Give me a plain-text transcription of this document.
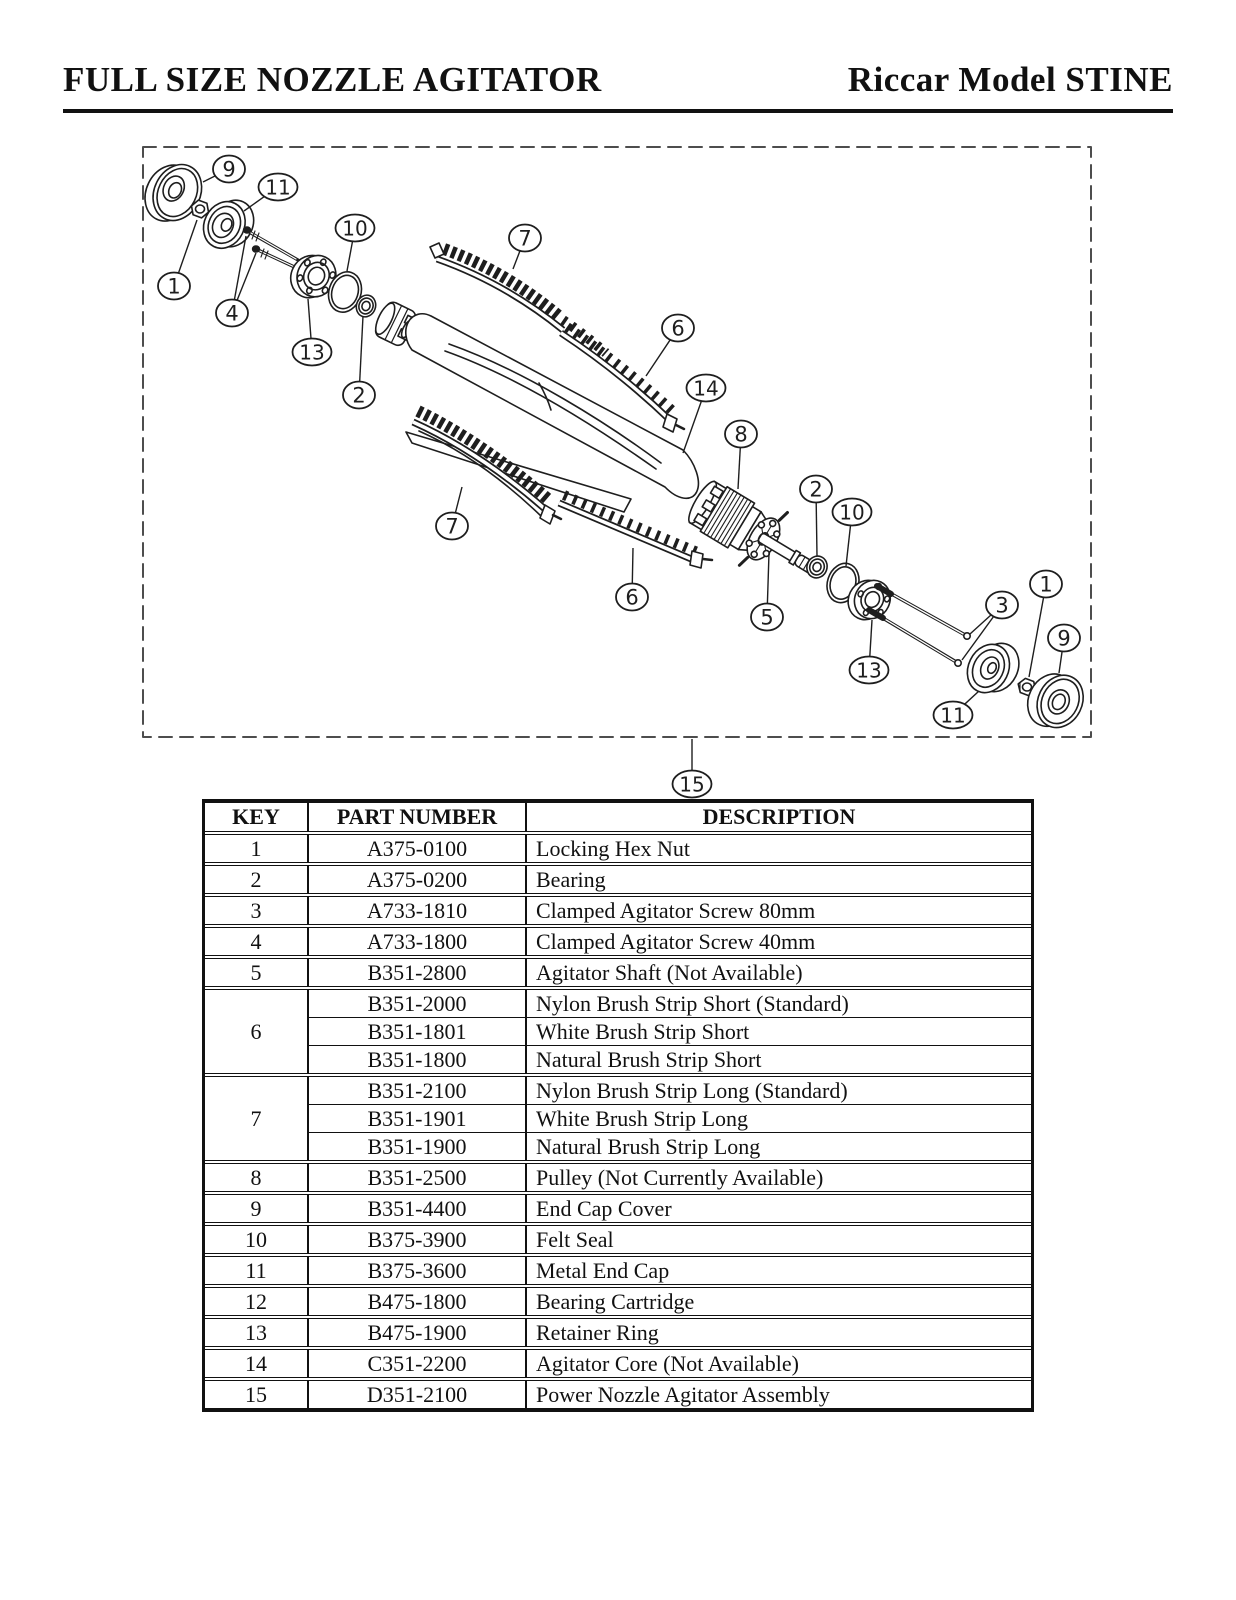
FULL SIZE NOZZLE AGITATOR	Riccar Model STINE
9
11
10	7
1
4
13
2
6
14
8
2
10
7
6
5
13
3
1
9
11
15
KEY	PART NUMBER	DESCRIPTION
1	A375-0100	Locking Hex Nut
2	A375-0200	Bearing
3	A733-1810	Clamped Agitator Screw 80mm
4	A733-1800	Clamped Agitator Screw 40mm
5	B351-2800	Agitator Shaft (Not Available)
6
B351-2000	Nylon Brush Strip Short (Standard)
B351-1801	White Brush Strip Short
B351-1800	Natural Brush Strip Short
7
B351-2100	Nylon Brush Strip Long (Standard)
B351-1901	White Brush Strip Long
B351-1900	Natural Brush Strip Long
8	B351-2500	Pulley (Not Currently Available)
9	B351-4400	End Cap Cover
10	B375-3900	Felt Seal
11	B375-3600	Metal End Cap
12	B475-1800	Bearing Cartridge
13	B475-1900	Retainer Ring
14	C351-2200	Agitator Core (Not Available)
15	D351-2100	Power Nozzle Agitator Assembly
